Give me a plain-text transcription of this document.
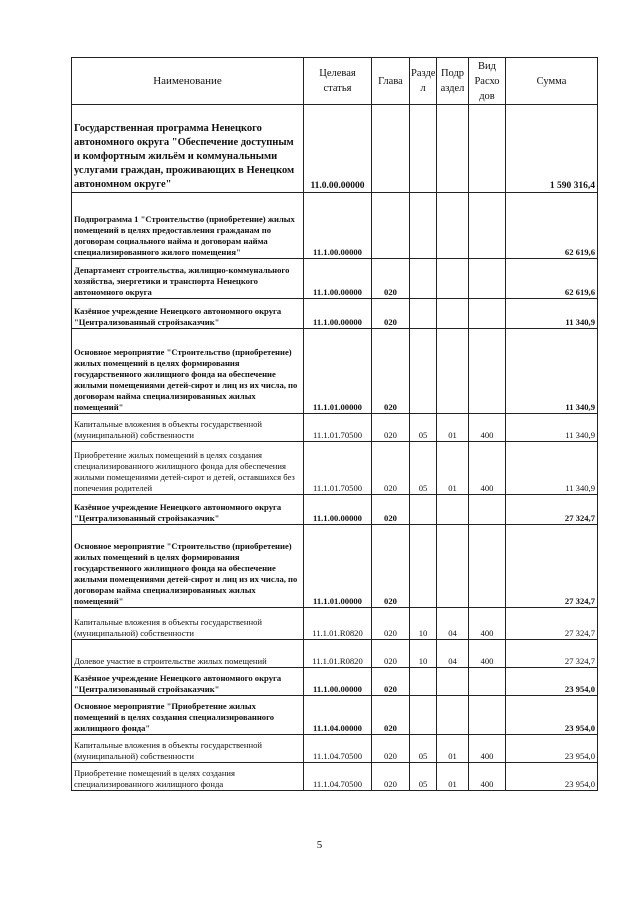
Наименование	Целевая статья	Глава	Разде л	Подр аздел	Вид Расхо дов	Сумма
Государственная программа Ненецкого автономного округа "Обеспечение доступным и комфортным жильём и коммунальными услугами граждан, проживающих в Ненецком автономном округе"	11.0.00.00000					1 590 316,4
Подпрограмма 1 "Строительство (приобретение) жилых помещений в целях предоставления гражданам по договорам социального найма и договорам найма специализированного жилого помещения"	11.1.00.00000					62 619,6
Департамент строительства, жилищно-коммунального хозяйства, энергетики и транспорта Ненецкого автономного округа	11.1.00.00000	020				62 619,6
Казённое учреждение Ненецкого автономного округа "Централизованный стройзаказчик"	11.1.00.00000	020				11 340,9
Основное мероприятие "Строительство (приобретение) жилых помещений в целях формирования государственного жилищного фонда на обеспечение жилыми помещениями детей-сирот и лиц из их числа, по договорам найма специализированных жилых помещений"	11.1.01.00000	020				11 340,9
Капитальные вложения в объекты государственной (муниципальной) собственности	11.1.01.70500	020	05	01	400	11 340,9
Приобретение жилых помещений в целях создания специализированного жилищного фонда для обеспечения жилыми помещениями детей-сирот и детей, оставшихся без попечения родителей	11.1.01.70500	020	05	01	400	11 340,9
Казённое учреждение Ненецкого автономного округа "Централизованный стройзаказчик"	11.1.00.00000	020				27 324,7
Основное мероприятие "Строительство (приобретение) жилых помещений в целях формирования государственного жилищного фонда на обеспечение жилыми помещениями детей-сирот и лиц из их числа, по договорам найма специализированных жилых помещений"	11.1.01.00000	020				27 324,7
Капитальные вложения в объекты государственной (муниципальной) собственности	11.1.01.R0820	020	10	04	400	27 324,7
Долевое участие в строительстве жилых помещений	11.1.01.R0820	020	10	04	400	27 324,7
Казённое учреждение Ненецкого автономного округа "Централизованный стройзаказчик"	11.1.00.00000	020				23 954,0
Основное мероприятие "Приобретение жилых помещений в целях создания специализированного жилищного фонда"	11.1.04.00000	020				23 954,0
Капитальные вложения в объекты государственной (муниципальной) собственности	11.1.04.70500	020	05	01	400	23 954,0
Приобретение помещений в целях создания специализированного жилищного фонда	11.1.04.70500	020	05	01	400	23 954,0
5
